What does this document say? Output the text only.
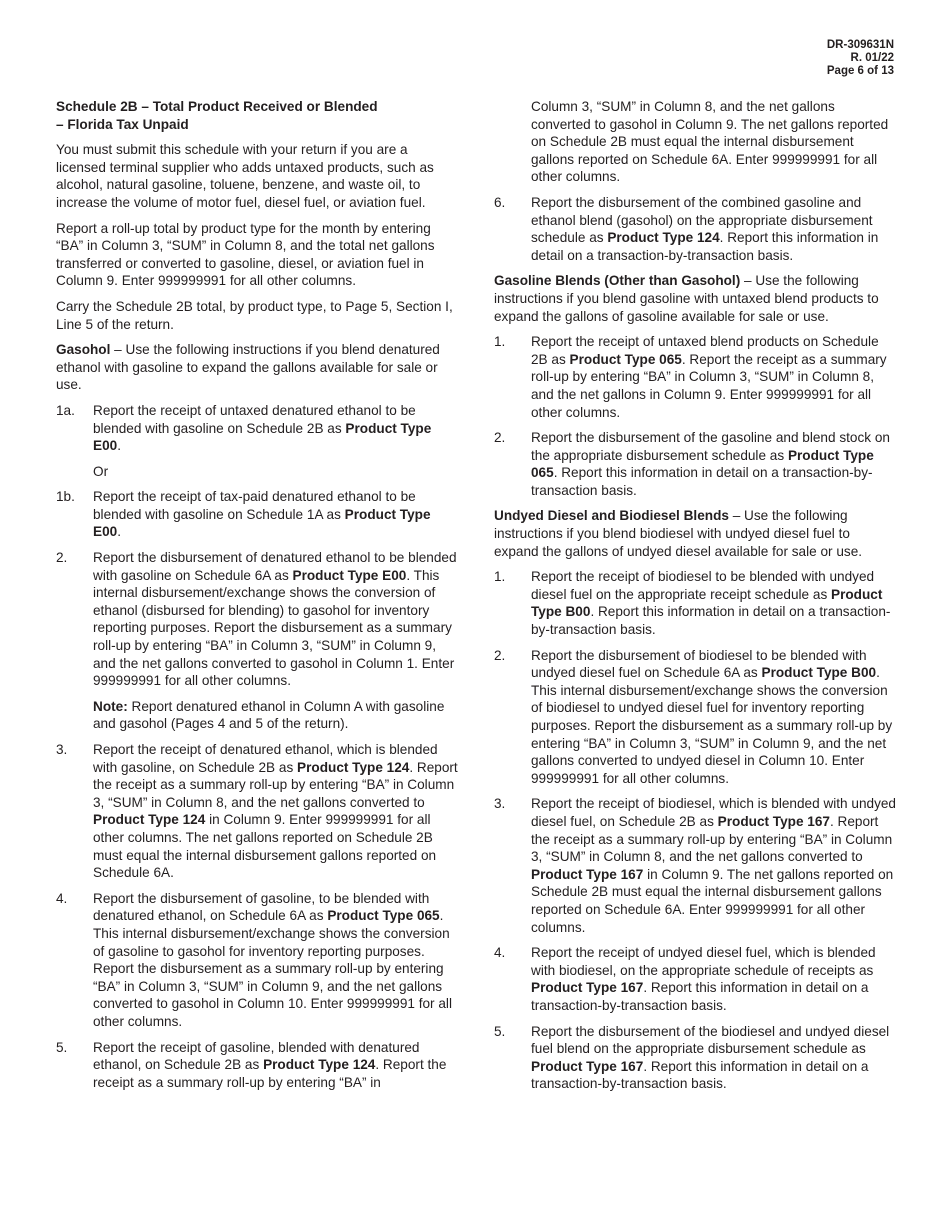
DR-309631N
R. 01/22
Page 6 of 13
Schedule 2B – Total Product Received or Blended
– Florida Tax Unpaid

You must submit this schedule with your return if you are a licensed terminal supplier who adds untaxed products, such as alcohol, natural gasoline, toluene, benzene, and waste oil, to increase the volume of motor fuel, diesel fuel, or aviation fuel.

Report a roll-up total by product type for the month by entering “BA” in Column 3, “SUM” in Column 8, and the total net gallons transferred or converted to gasoline, diesel, or aviation fuel in Column 9. Enter 999999991 for all other columns.

Carry the Schedule 2B total, by product type, to Page 5, Section I, Line 5 of the return.

Gasohol – Use the following instructions if you blend denatured ethanol with gasoline to expand the gallons available for sale or use.

1a.	Report the receipt of untaxed denatured ethanol to be blended with gasoline on Schedule 2B as Product Type E00.

Or

1b.	Report the receipt of tax-paid denatured ethanol to be blended with gasoline on Schedule 1A as Product Type E00.
2.	Report the disbursement of denatured ethanol to be blended with gasoline on Schedule 6A as Product Type E00. This internal disbursement/exchange shows the conversion of ethanol (disbursed for blending) to gasohol for inventory reporting purposes. Report the disbursement as a summary roll-up by entering “BA” in Column 3, “SUM” in Column 9, and the net gallons converted to gasohol in Column 1. Enter 999999991 for all other columns.

Note: Report denatured ethanol in Column A with gasoline and gasohol (Pages 4 and 5 of the return).

3.	Report the receipt of denatured ethanol, which is blended with gasoline, on Schedule 2B as Product Type 124. Report the receipt as a summary roll-up by entering “BA” in Column 3, “SUM” in Column 8, and the net gallons converted to Product Type 124 in Column 9. Enter 999999991 for all other columns. The net gallons reported on Schedule 2B must equal the internal disbursement gallons reported on Schedule 6A.
4.	Report the disbursement of gasoline, to be blended with denatured ethanol, on Schedule 6A as Product Type 065. This internal disbursement/exchange shows the conversion of gasoline to gasohol for inventory reporting purposes. Report the disbursement as a summary roll-up by entering “BA” in Column 3, “SUM” in Column 9, and the net gallons converted to gasohol in Column 10. Enter 999999991 for all other columns.
5.	Report the receipt of gasoline, blended with denatured ethanol, on Schedule 2B as Product Type 124. Report the receipt as a summary roll-up by entering “BA” in
Column 3, “SUM” in Column 8, and the net gallons converted to gasohol in Column 9. The net gallons reported on Schedule 2B must equal the internal disbursement gallons reported on Schedule 6A. Enter 999999991 for all other columns.
6.	Report the disbursement of the combined gasoline and ethanol blend (gasohol) on the appropriate disbursement schedule as Product Type 124. Report this information in detail on a transaction-by-transaction basis.

Gasoline Blends (Other than Gasohol) – Use the following instructions if you blend gasoline with untaxed blend products to expand the gallons of gasoline available for sale or use.

1.	Report the receipt of untaxed blend products on Schedule 2B as Product Type 065. Report the receipt as a summary roll-up by entering “BA” in Column 3, “SUM” in Column 8, and the net gallons in Column 9. Enter 999999991 for all other columns.
2.	Report the disbursement of the gasoline and blend stock on the appropriate disbursement schedule as Product Type 065. Report this information in detail on a transaction-by-transaction basis.

Undyed Diesel and Biodiesel Blends – Use the following instructions if you blend biodiesel with undyed diesel fuel to expand the gallons of undyed diesel available for sale or use.

1.	Report the receipt of biodiesel to be blended with undyed diesel fuel on the appropriate receipt schedule as Product Type B00. Report this information in detail on a transaction-by-transaction basis.
2.	Report the disbursement of biodiesel to be blended with undyed diesel fuel on Schedule 6A as Product Type B00. This internal disbursement/exchange shows the conversion of biodiesel to undyed diesel fuel for inventory reporting purposes. Report the disbursement as a summary roll-up by entering “BA” in Column 3, “SUM” in Column 9, and the net gallons converted to undyed diesel in Column 10. Enter 999999991 for all other columns.
3.	Report the receipt of biodiesel, which is blended with undyed diesel fuel, on Schedule 2B as Product Type 167. Report the receipt as a summary roll-up by entering “BA” in Column 3, “SUM” in Column 8, and the net gallons converted to Product Type 167 in Column 9. The net gallons reported on Schedule 2B must equal the internal disbursement gallons reported on Schedule 6A. Enter 999999991 for all other columns.
4.	Report the receipt of undyed diesel fuel, which is blended with biodiesel, on the appropriate schedule of receipts as Product Type 167. Report this information in detail on a transaction-by-transaction basis.
5.	Report the disbursement of the biodiesel and undyed diesel fuel blend on the appropriate disbursement schedule as Product Type 167. Report this information in detail on a transaction-by-transaction basis.
